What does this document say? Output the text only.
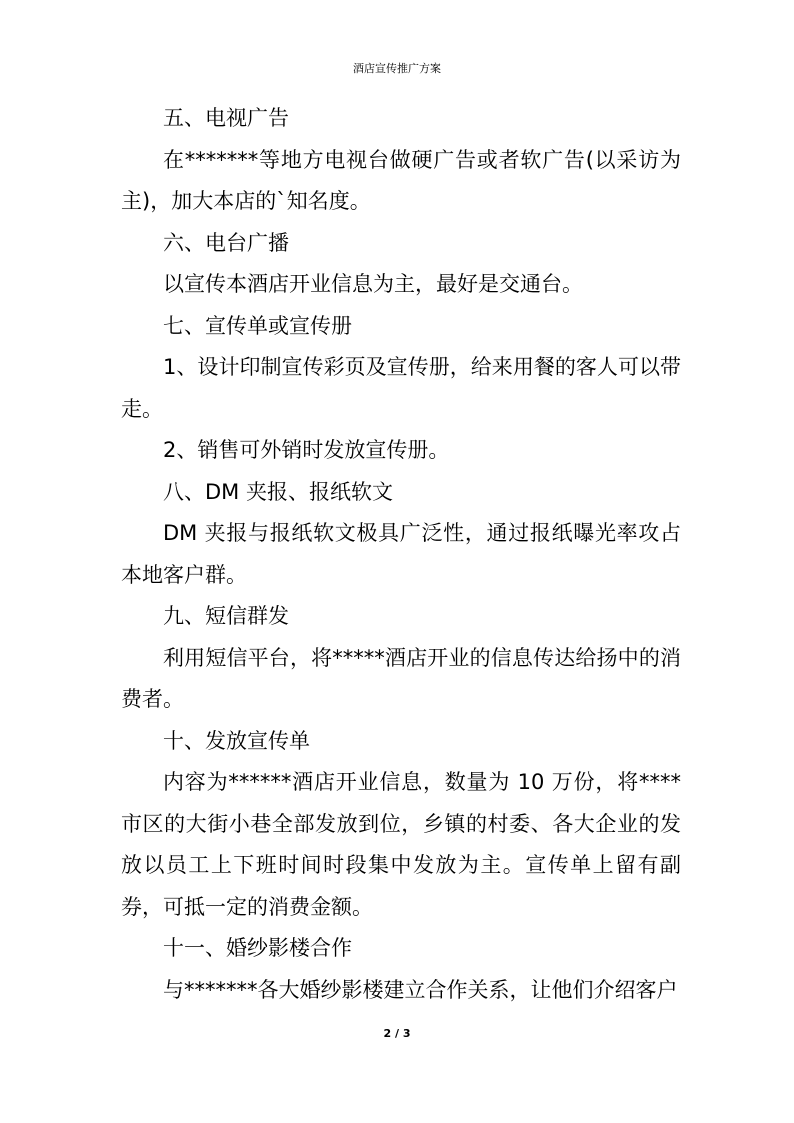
酒店宣传推广方案

五、电视广告

在*******等地方电视台做硬广告或者软广告(以采访为主)，加大本店的`知名度。

六、电台广播

以宣传本酒店开业信息为主，最好是交通台。

七、宣传单或宣传册

1、设计印制宣传彩页及宣传册，给来用餐的客人可以带走。

2、销售可外销时发放宣传册。

八、DM 夹报、报纸软文

DM 夹报与报纸软文极具广泛性，通过报纸曝光率攻占本地客户群。

九、短信群发

利用短信平台，将*****酒店开业的信息传达给扬中的消费者。

十、发放宣传单

内容为******酒店开业信息，数量为 10 万份，将****市区的大街小巷全部发放到位，乡镇的村委、各大企业的发放以员工上下班时间时段集中发放为主。宣传单上留有副券，可抵一定的消费金额。

十一、婚纱影楼合作

与*******各大婚纱影楼建立合作关系，让他们介绍客户

2 / 3
